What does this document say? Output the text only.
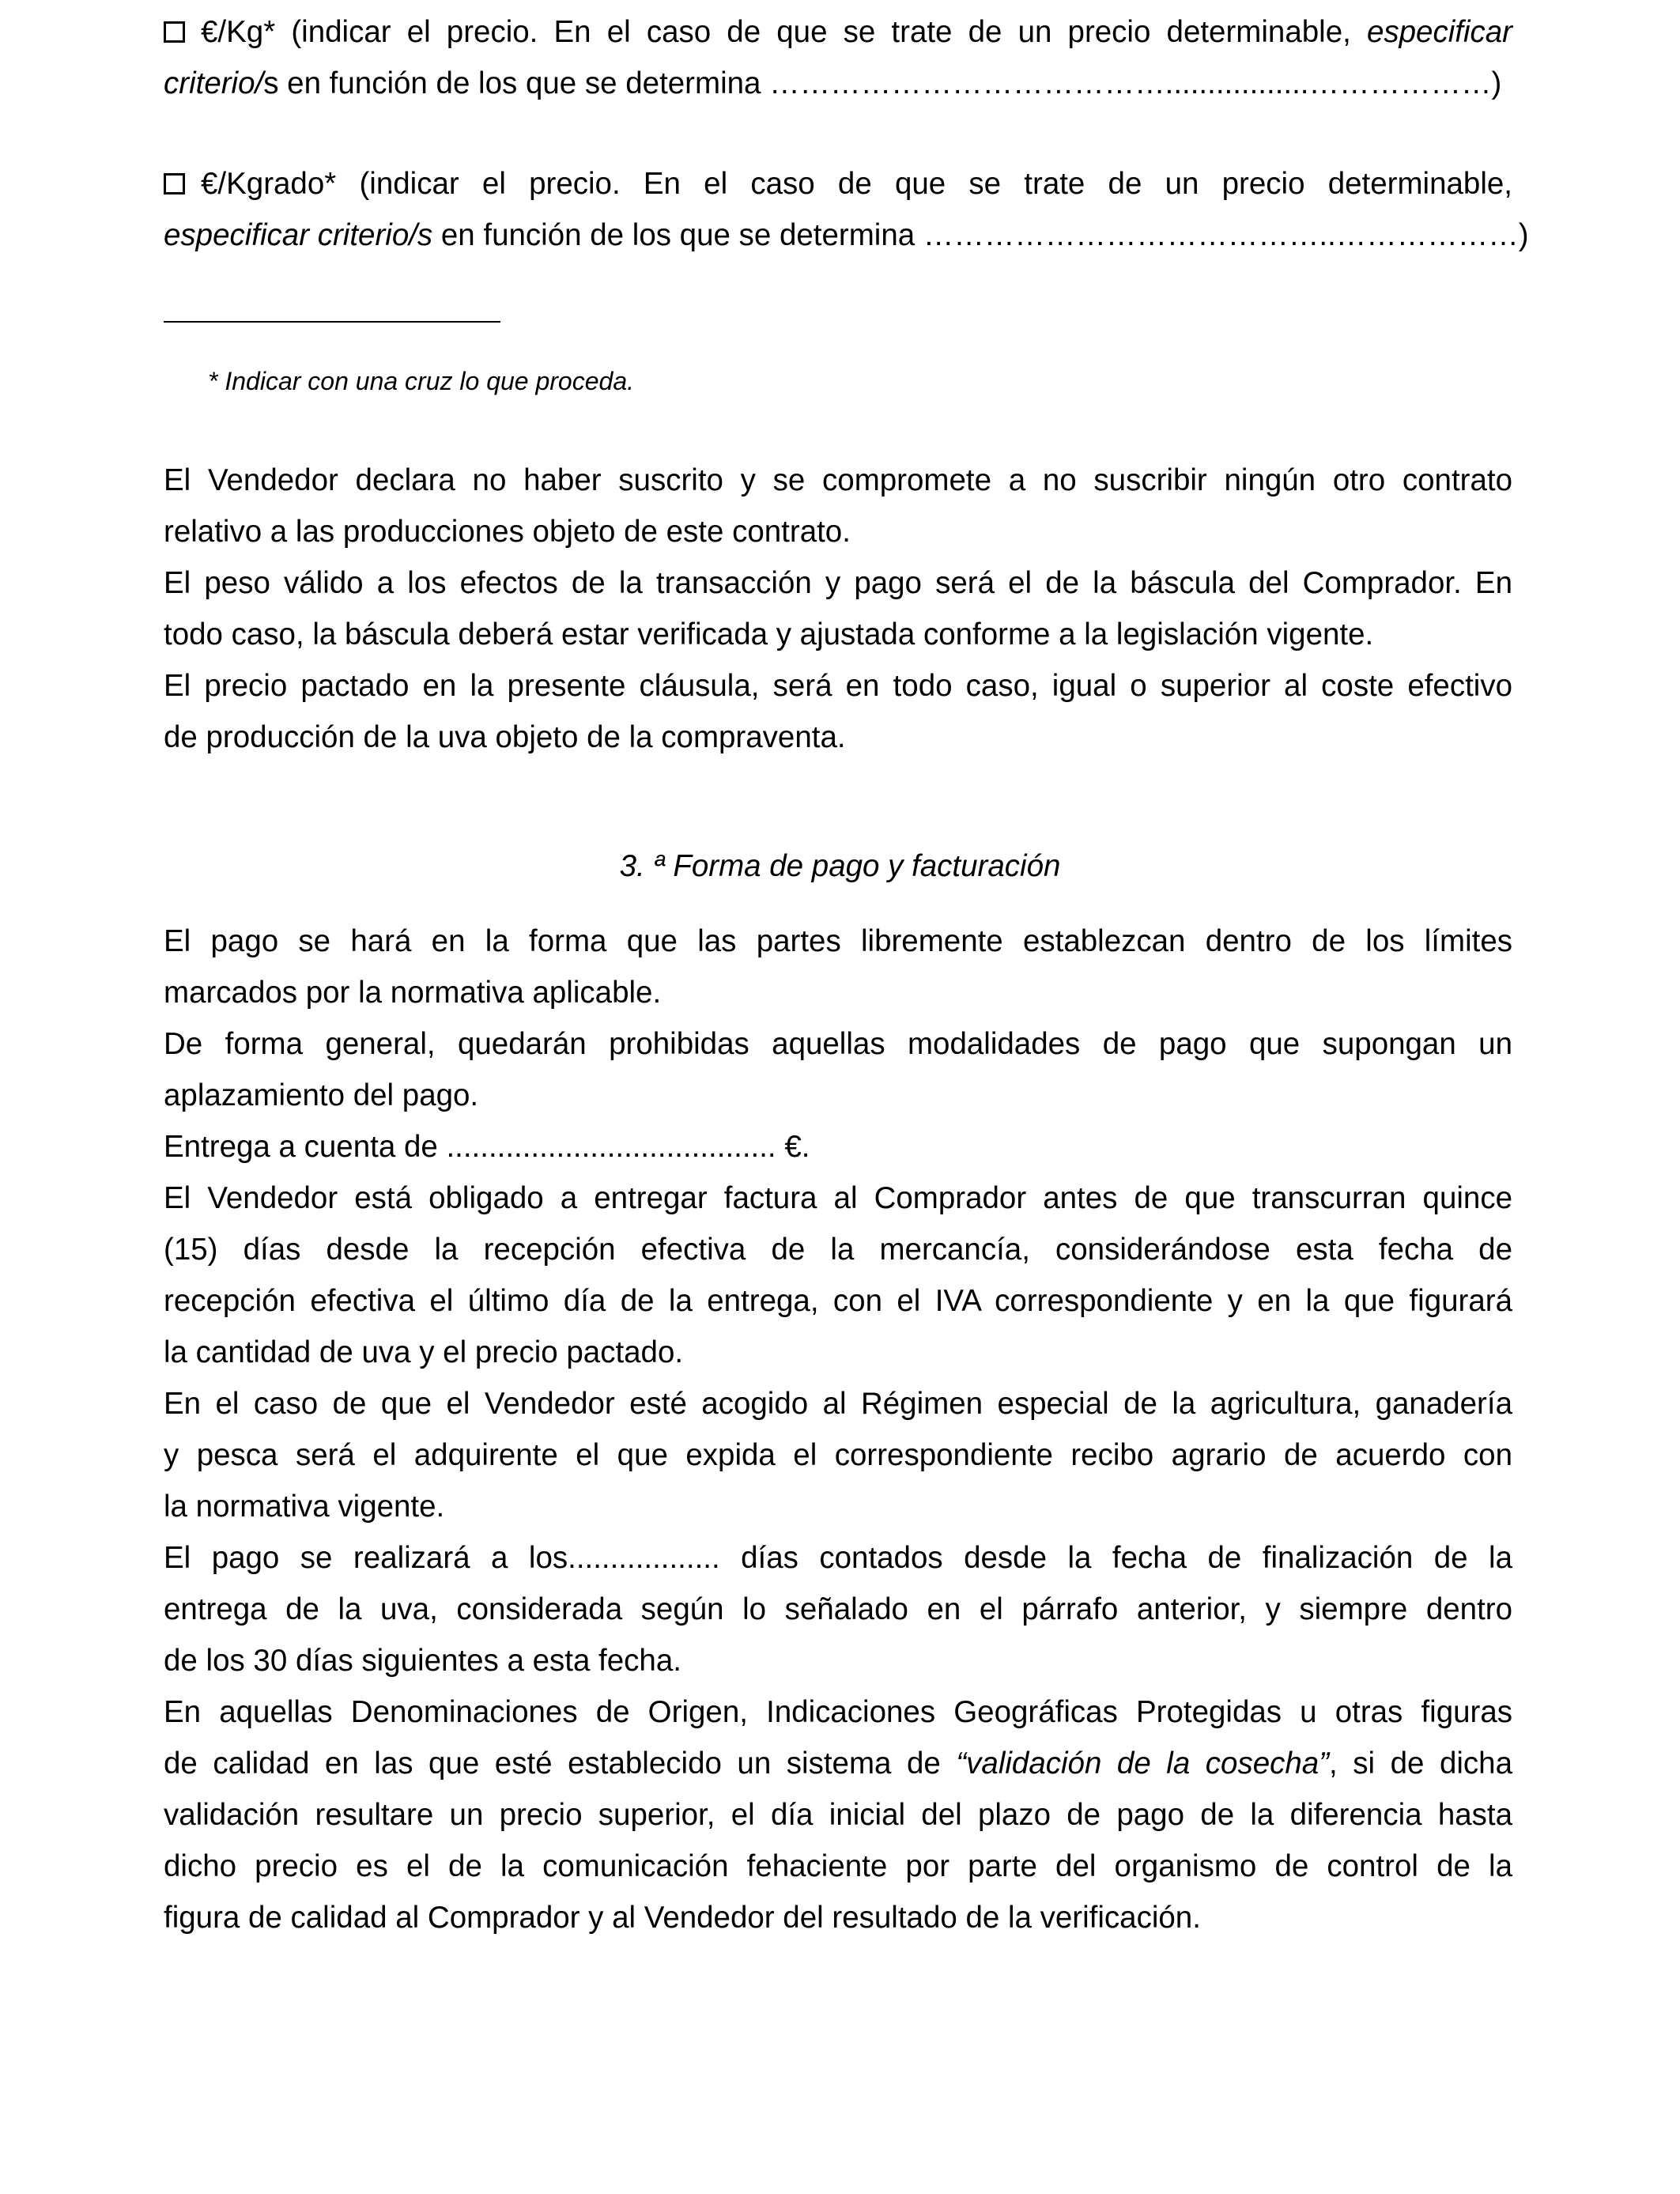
€/Kg* (indicar el precio. En el caso de que se trate de un precio determinable, especificar
criterio/s en función de los que se determina ………………………………….................………………)
€/Kgrado* (indicar el precio. En el caso de que se trate de un precio determinable,
especificar criterio/s en función de los que se determina …………………………………..………………)
* Indicar con una cruz lo que proceda.
El Vendedor declara no haber suscrito y se compromete a no suscribir ningún otro contrato
relativo a las producciones objeto de este contrato.
El peso válido a los efectos de la transacción y pago será el de la báscula del Comprador. En
todo caso, la báscula deberá estar verificada y ajustada conforme a la legislación vigente.
El precio pactado en la presente cláusula, será en todo caso, igual o superior al coste efectivo
de producción de la uva objeto de la compraventa.
3. ª Forma de pago y facturación
El pago se hará en la forma que las partes libremente establezcan dentro de los límites
marcados por la normativa aplicable.
De forma general, quedarán prohibidas aquellas modalidades de pago que supongan un
aplazamiento del pago.
Entrega a cuenta de ....................................... €.
El Vendedor está obligado a entregar factura al Comprador antes de que transcurran quince
(15) días desde la recepción efectiva de la mercancía, considerándose esta fecha de
recepción efectiva el último día de la entrega, con el IVA correspondiente y en la que figurará
la cantidad de uva y el precio pactado.
En el caso de que el Vendedor esté acogido al Régimen especial de la agricultura, ganadería
y pesca será el adquirente el que expida el correspondiente recibo agrario de acuerdo con
la normativa vigente.
El pago se realizará a los.................. días contados desde la fecha de finalización de la
entrega de la uva, considerada según lo señalado en el párrafo anterior, y siempre dentro
de los 30 días siguientes a esta fecha.
En aquellas Denominaciones de Origen, Indicaciones Geográficas Protegidas u otras figuras
de calidad en las que esté establecido un sistema de “validación de la cosecha”, si de dicha
validación resultare un precio superior, el día inicial del plazo de pago de la diferencia hasta
dicho precio es el de la comunicación fehaciente por parte del organismo de control de la
figura de calidad al Comprador y al Vendedor del resultado de la verificación.
